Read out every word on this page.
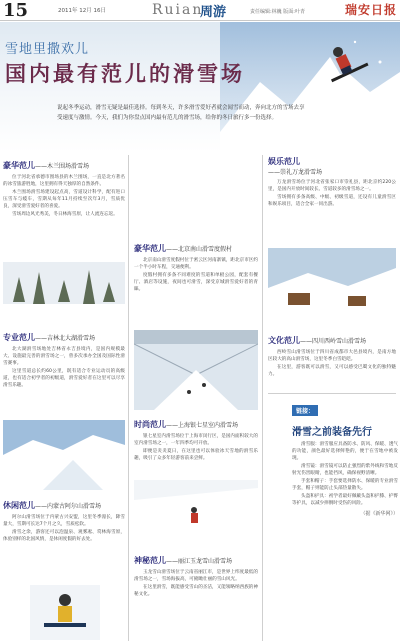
15	2011年 12月 16日	Ruian
周游	责任编辑:林巍 版面:叶青	瑞安日报
雪地里撒欢儿
国内最有范儿的滑雪场
说起冬季运动，滑雪无疑是最佳选择。每到冬天，许多滑雪爱好者就会闻雪而动，奔向北方的雪场去享受速度与激情。今天，我们为你盘点国内最有范儿的滑雪场，给你的冬日旅行多一份选择。
豪华范儿——木兰围场滑雪场

位于河北省承德市围场县的木兰围场，一直是北方著名的冰雪旅游胜地，这里拥有得天独厚的自然条件。

木兰围场滑雪场建设起点高，雪道设计科学，配有进口压雪车与缆车，雪期从每年11月持续至次年3月，雪质优良，深受滑雪爱好者的喜爱。

雪场周边风光秀美，冬日林海雪原，让人流连忘返。

专业范儿——吉林北大湖滑雪场

北大湖滑雪场地处吉林省永吉县境内，是国内规模最大、设施最完善的滑雪场之一，曾多次承办全国及国际性滑雪赛事。

这里雪道总长约60公里，既有适合专业运动员的高级道，也有适合初学者的初级道，滑雪爱好者在这里可以尽享滑雪乐趣。

休闲范儿——内蒙古阿尔山滑雪场

阿尔山滑雪场位于内蒙古兴安盟，这里冬季漫长，降雪量大，雪期可长达7个月之久，雪质松软。

滑雪之余，游客还可以泡温泉、观雾凇、赏林海雪原，体验别样的北国风情，是休闲度假的好去处。

豪华范儿——北京南山滑雪度假村

北京南山滑雪度假村位于密云区河南寨镇，距北京市区约一个半小时车程，交通便利。

度假村拥有多条不同难度的雪道和单板公园，配套有餐厅、酒店等设施，夜间也可滑雪，深受京城滑雪爱好者的青睐。

时尚范儿——上海银七星室内滑雪场

银七星室内滑雪场位于上海市闵行区，是国内面积较大的室内滑雪场之一，一年四季均可开放。

即便是炎炎夏日，在这里也可以体验冰天雪地的滑雪乐趣，吸引了众多年轻游客前来尝鲜。

神秘范儿——丽江玉龙雪山滑雪场

玉龙雪山滑雪场位于云南省丽江市，是世界上纬度最低的滑雪场之一，雪场海拔高，可俯瞰壮丽的雪山风光。

在这里滑雪，既能感受雪山的圣洁，又能领略纳西族的神秘文化。

娱乐范儿
——崇礼万龙滑雪场

万龙滑雪场位于河北省张家口市崇礼县，距北京约220公里，是国内开放时间较长、雪道较多的滑雪场之一。

雪场拥有多条高级、中级、初级雪道，还设有儿童滑雪区和娱乐项目，适合全家一同出游。

文化范儿——四川西岭雪山滑雪场

西岭雪山滑雪场位于四川省成都市大邑县境内，是南方地区较大的高山滑雪场，这里冬季白雪皑皑。

在这里，游客既可以滑雪，又可以感受巴蜀文化的独特魅力。

链接：
滑雪之前装备先行

滑雪服：滑雪服应具备防水、防风、保暖、透气的功能，颜色最好选择鲜艳的，便于在雪地中被发现。

滑雪镜：滑雪镜可以防止强烈的紫外线和雪地反射光伤害眼睛，也能挡风，确保视野清晰。

手套和帽子：手套要选择防水、保暖的专业滑雪手套，帽子则能防止头部热量散失。

头盔和护具：初学者最好佩戴头盔和护膝、护臀等护具，以减少摔倒时受伤的风险。

（据《新华网》）
